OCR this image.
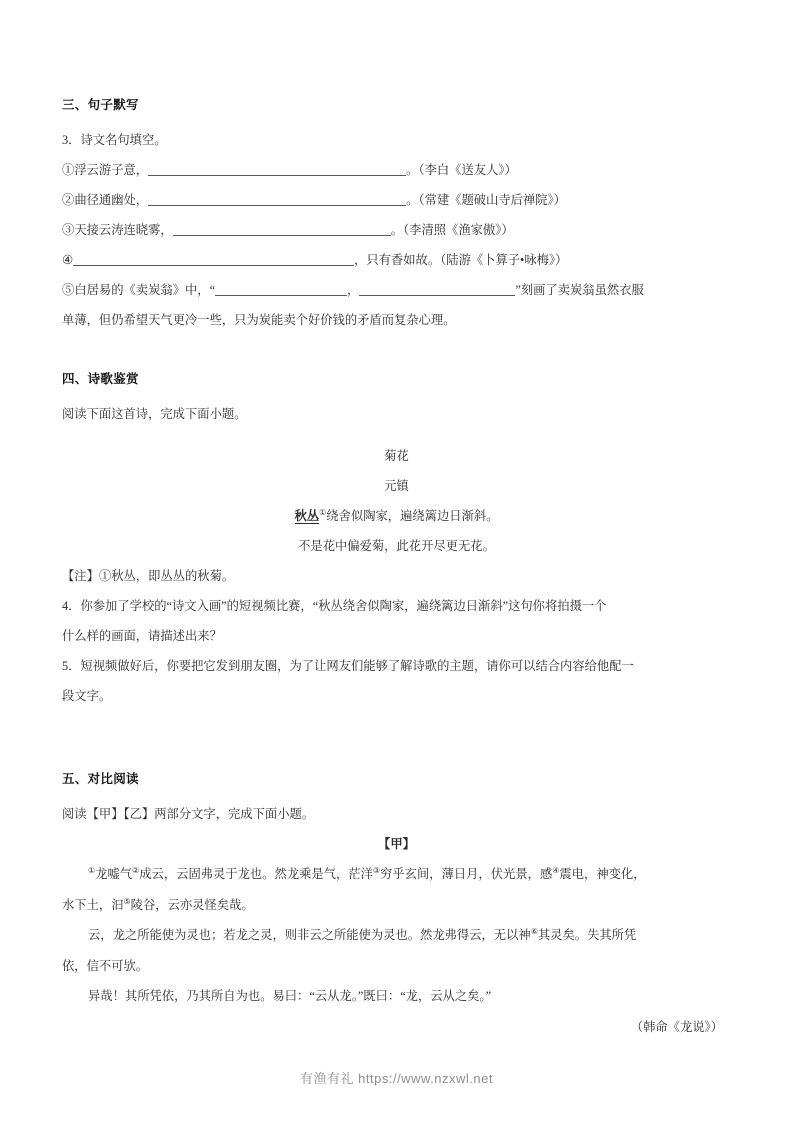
三、句子默写

3．诗文名句填空。

①浮云游子意，	。（李白《送友人》）

②曲径通幽处，	。（常建《题破山寺后禅院》）

③天接云涛连晓雾，	。（李清照《渔家傲》）

④	，只有香如故。（陆游《卜算子•咏梅》）

⑤白居易的《卖炭翁》中，“	，	”刻画了卖炭翁虽然衣服

单薄，但仍希望天气更冷一些，只为炭能卖个好价钱的矛盾而复杂心理。

四、诗歌鉴赏

阅读下面这首诗，完成下面小题。

菊花

元镇

秋丛①绕舍似陶家，遍绕篱边日渐斜。

不是花中偏爱菊，此花开尽更无花。

【注】①秋丛，即丛丛的秋菊。

4．你参加了学校的“诗文入画”的短视频比赛，“秋丛绕舍似陶家，遍绕篱边日渐斜”这句你将拍摄一个

什么样的画面，请描述出来？

5．短视频做好后，你要把它发到朋友圈，为了让网友们能够了解诗歌的主题，请你可以结合内容给他配一

段文字。

五、对比阅读

阅读【甲】【乙】两部分文字，完成下面小题。

【甲】

①龙嘘气②成云，云固弗灵于龙也。然龙乘是气，茫洋③穷乎玄间，薄日月，伏光景，感④震电，神变化，

水下土，汩⑤陵谷，云亦灵怪矣哉。

云，龙之所能使为灵也；若龙之灵，则非云之所能使为灵也。然龙弗得云，无以神⑥其灵矣。失其所凭

依，信不可欤。

异哉！其所凭依，乃其所自为也。易曰：“云从龙。”既曰：“龙，云从之矣。”

（韩命《龙说》）

有渔有礼 https://www.nzxwl.net
